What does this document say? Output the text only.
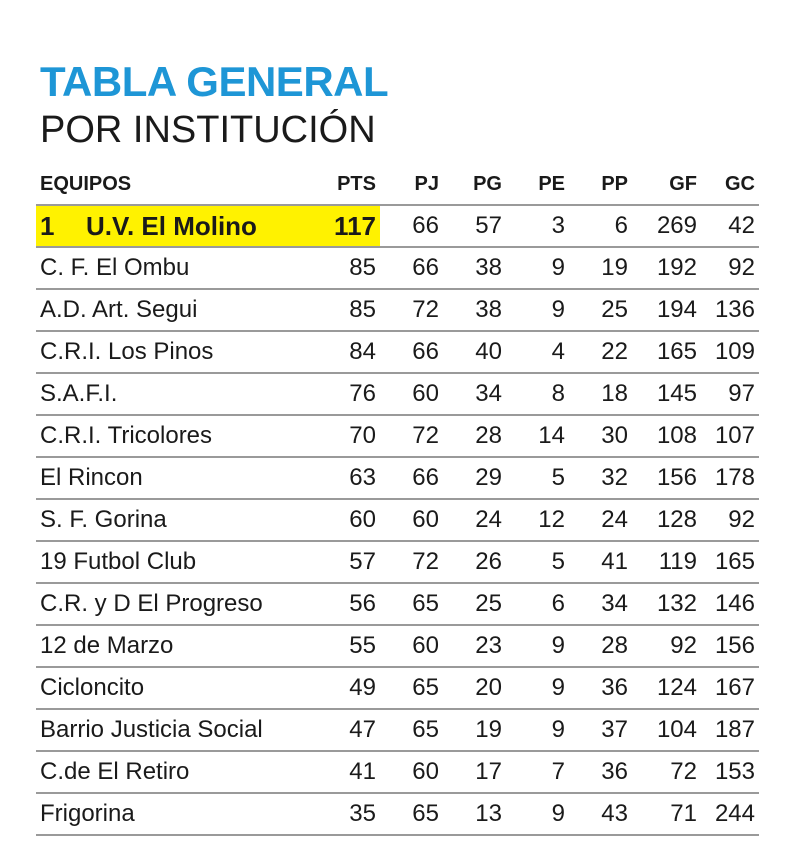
TABLA GENERAL
POR INSTITUCIÓN
EQUIPOS	PTS	PJ	PG	PE	PP	GF	GC
1 U.V. El Molino	117	66	57	3	6	269	42
C. F. El Ombu	85	66	38	9	19	192	92
A.D. Art. Segui	85	72	38	9	25	194	136
C.R.I. Los Pinos	84	66	40	4	22	165	109
S.A.F.I.	76	60	34	8	18	145	97
C.R.I. Tricolores	70	72	28	14	30	108	107
El Rincon	63	66	29	5	32	156	178
S. F. Gorina	60	60	24	12	24	128	92
19 Futbol Club	57	72	26	5	41	119	165
C.R. y D El Progreso	56	65	25	6	34	132	146
12 de Marzo	55	60	23	9	28	92	156
Cicloncito	49	65	20	9	36	124	167
Barrio Justicia Social	47	65	19	9	37	104	187
C.de El Retiro	41	60	17	7	36	72	153
Frigorina	35	65	13	9	43	71	244
